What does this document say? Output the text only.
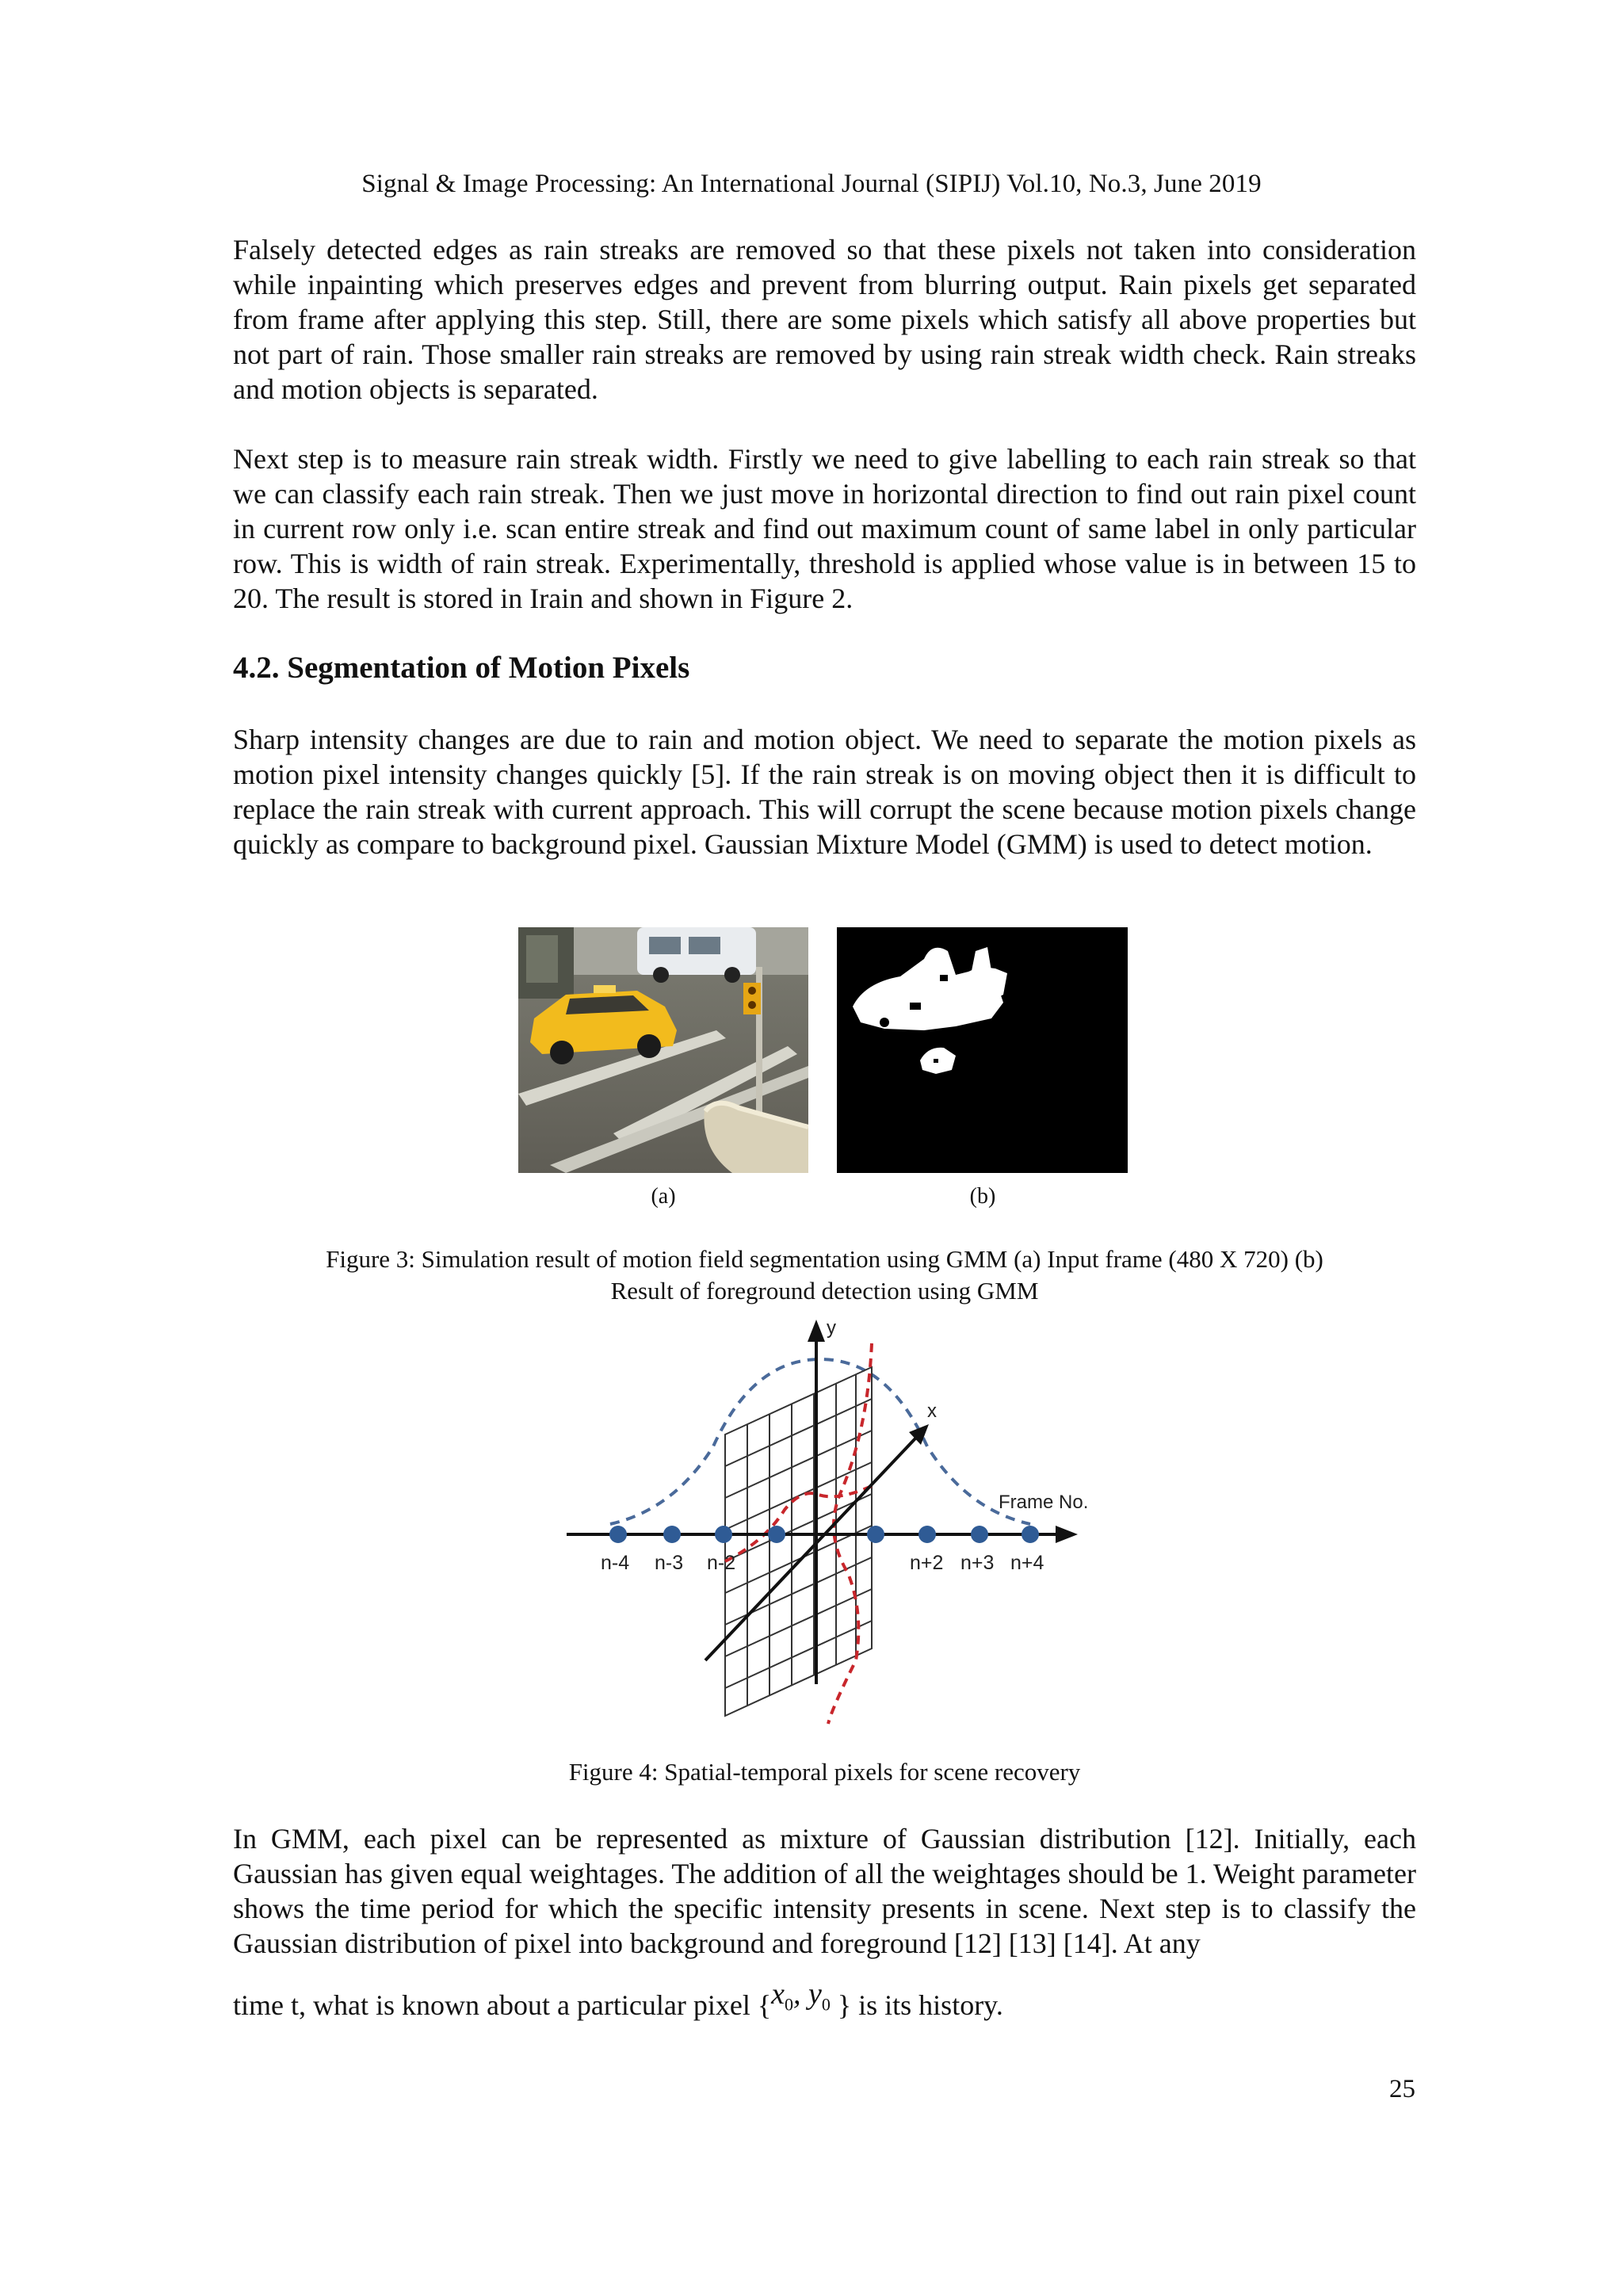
Signal & Image Processing: An International Journal (SIPIJ) Vol.10, No.3, June 2019

Falsely detected edges as rain streaks are removed so that these pixels not taken into consideration while inpainting which preserves edges and prevent from blurring output. Rain pixels get separated from frame after applying this step. Still, there are some pixels which satisfy all above properties but not part of rain. Those smaller rain streaks are removed by using rain streak width check. Rain streaks and motion objects is separated.

Next step is to measure rain streak width. Firstly we need to give labelling to each rain streak so that we can classify each rain streak. Then we just move in horizontal direction to find out rain pixel count in current row only i.e. scan entire streak and find out maximum count of same label in only particular row. This is width of rain streak. Experimentally, threshold is applied whose value is in between 15 to 20. The result is stored in Irain and shown in Figure 2.

4.2. Segmentation of Motion Pixels

Sharp intensity changes are due to rain and motion object. We need to separate the motion pixels as motion pixel intensity changes quickly [5]. If the rain streak is on moving object then it is difficult to replace the rain streak with current approach. This will corrupt the scene because motion pixels change quickly as compare to background pixel. Gaussian Mixture Model (GMM) is used to detect motion.

(a)	(b)
Figure 3: Simulation result of motion field segmentation using GMM (a) Input frame (480 X 720) (b)
Result of foreground detection using GMM
y
x
Frame No.
n-4 n-3 n-2	n+2 n+3 n+4
Figure 4: Spatial-temporal pixels for scene recovery

In GMM, each pixel can be represented as mixture of Gaussian distribution [12]. Initially, each Gaussian has given equal weightages. The addition of all the weightages should be 1. Weight parameter shows the time period for which the specific intensity presents in scene. Next step is to classify the Gaussian distribution of pixel into background and foreground [12] [13] [14]. At any

time t, what is known about a particular pixel {$x_0$, $y_0$ } is its history.

25
